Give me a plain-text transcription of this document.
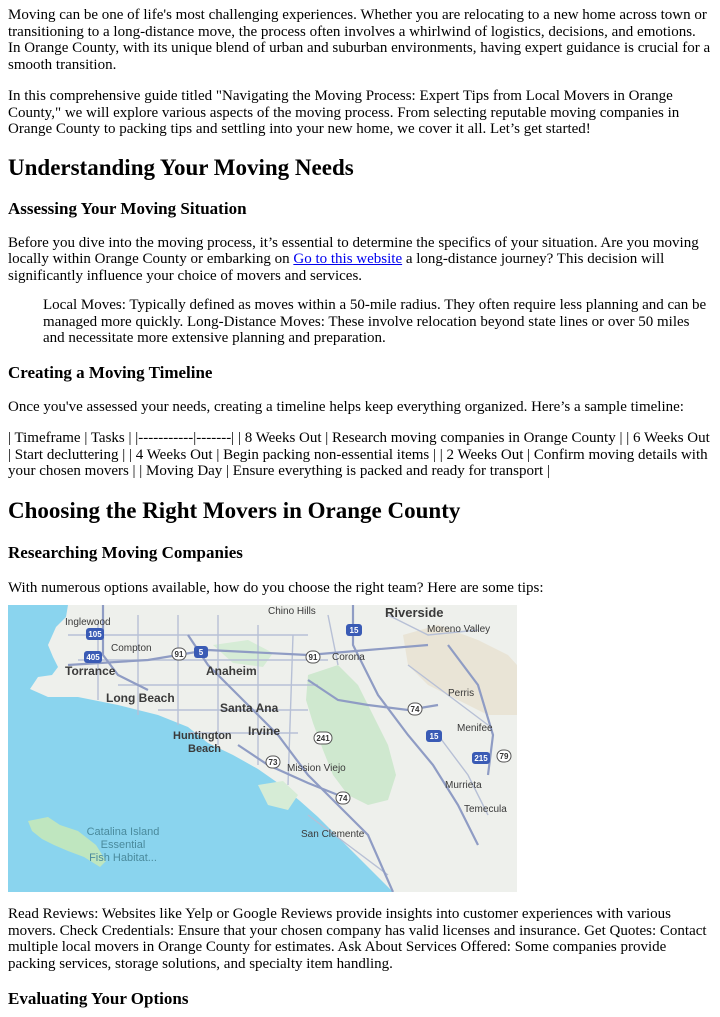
Moving can be one of life's most challenging experiences. Whether you are relocating to a new home across town or transitioning to a long-distance move, the process often involves a whirlwind of logistics, decisions, and emotions. In Orange County, with its unique blend of urban and suburban environments, having expert guidance is crucial for a smooth transition.

In this comprehensive guide titled "Navigating the Moving Process: Expert Tips from Local Movers in Orange County," we will explore various aspects of the moving process. From selecting reputable moving companies in Orange County to packing tips and settling into your new home, we cover it all. Let’s get started!

Understanding Your Moving Needs
Assessing Your Moving Situation

Before you dive into the moving process, it’s essential to determine the specifics of your situation. Are you moving locally within Orange County or embarking on Go to this website a long-distance journey? This decision will significantly influence your choice of movers and services.

Local Moves: Typically defined as moves within a 50-mile radius. They often require less planning and can be managed more quickly. Long-Distance Moves: These involve relocation beyond state lines or over 50 miles and necessitate more extensive planning and preparation.
Creating a Moving Timeline

Once you've assessed your needs, creating a timeline helps keep everything organized. Here’s a sample timeline:

| Timeframe | Tasks | |-----------|-------| | 8 Weeks Out | Research moving companies in Orange County | | 6 Weeks Out | Start decluttering | | 4 Weeks Out | Begin packing non-essential items | | 2 Weeks Out | Confirm moving details with your chosen movers | | Moving Day | Ensure everything is packed and ready for transport |

Choosing the Right Movers in Orange County
Researching Moving Companies

With numerous options available, how do you choose the right team? Here are some tips:

105
405	91 5
15
91
74
241
73
15
215 79
74
Chino Hills	Riverside
Inglewood
Moreno Valley
Compton
Corona
Torrance	Anaheim
Long Beach
Santa Ana
Perris
Huntington
Beach
Irvine	Menifee
Mission Viejo
Murrieta
Temecula
San Clemente
Catalina Island
Essential
Fish Habitat...

Read Reviews: Websites like Yelp or Google Reviews provide insights into customer experiences with various movers. Check Credentials: Ensure that your chosen company has valid licenses and insurance. Get Quotes: Contact multiple local movers in Orange County for estimates. Ask About Services Offered: Some companies provide packing services, storage solutions, and specialty item handling.

Evaluating Your Options
